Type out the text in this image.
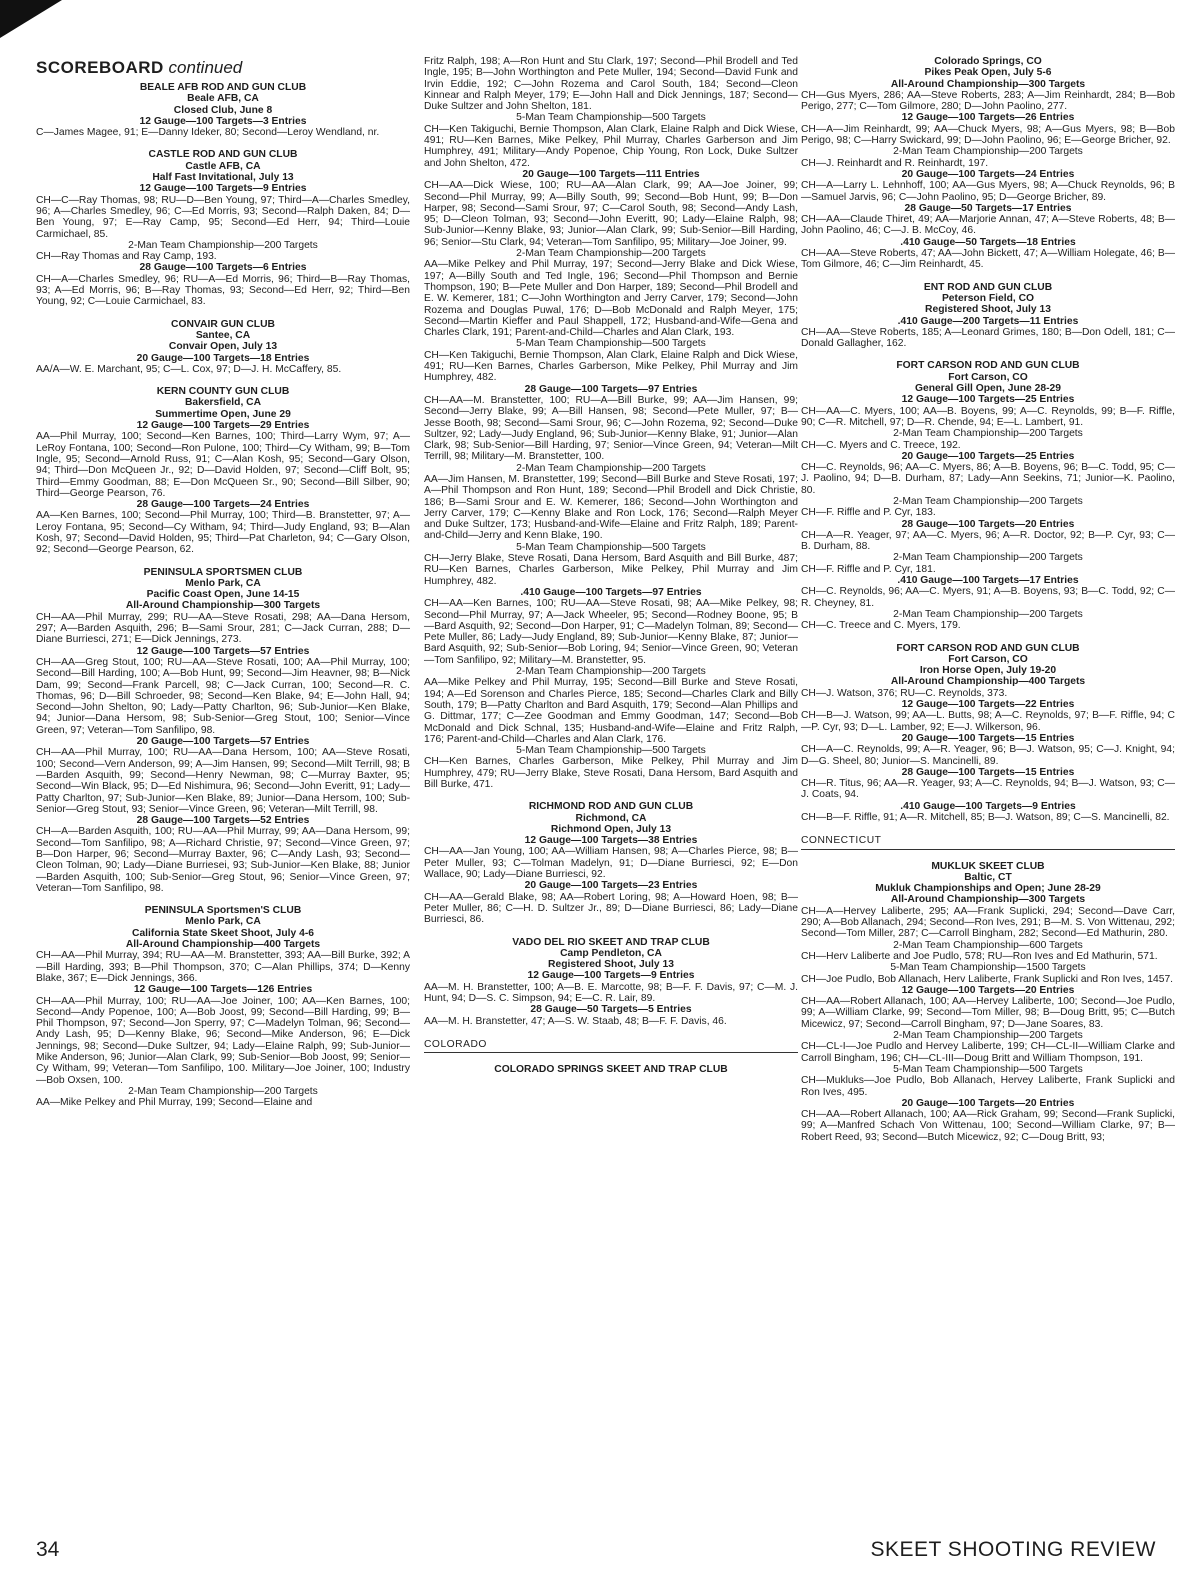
SCOREBOARD continued
BEALE AFB ROD AND GUN CLUB
Beale AFB, CA
Closed Club, June 8
12 Gauge—100 Targets—3 Entries

C—James Magee, 91; E—Danny Ideker, 80; Second—Leroy Wendland, nr.

CASTLE ROD AND GUN CLUB
Castle AFB, CA
Half Fast Invitational, July 13
12 Gauge—100 Targets—9 Entries

CH—C—Ray Thomas, 98; RU—D—Ben Young, 97; Third—A—Charles Smedley, 96; A—Charles Smedley, 96; C—Ed Morris, 93; Second—Ralph Daken, 84; D—Ben Young, 97; E—Ray Camp, 95; Second—Ed Herr, 94; Third—Louie Carmichael, 85.

2-Man Team Championship—200 Targets

CH—Ray Thomas and Ray Camp, 193.

28 Gauge—100 Targets—6 Entries

CH—A—Charles Smedley, 96; RU—A—Ed Morris, 96; Third—B—Ray Thomas, 93; A—Ed Morris, 96; B—Ray Thomas, 93; Second—Ed Herr, 92; Third—Ben Young, 92; C—Louie Carmichael, 83.

CONVAIR GUN CLUB
Santee, CA
Convair Open, July 13
20 Gauge—100 Targets—18 Entries

AA/A—W. E. Marchant, 95; C—L. Cox, 97; D—J. H. McCaffery, 85.

KERN COUNTY GUN CLUB
Bakersfield, CA
Summertime Open, June 29
12 Gauge—100 Targets—29 Entries

AA—Phil Murray, 100; Second—Ken Barnes, 100; Third—Larry Wym, 97; A—LeRoy Fontana, 100; Second—Ron Pulone, 100; Third—Cy Witham, 99; B—Tom Ingle, 95; Second—Arnold Russ, 91; C—Alan Kosh, 95; Second—Gary Olson, 94; Third—Don McQueen Jr., 92; D—David Holden, 97; Second—Cliff Bolt, 95; Third—Emmy Goodman, 88; E—Don McQueen Sr., 90; Second—Bill Silber, 90; Third—George Pearson, 76.

28 Gauge—100 Targets—24 Entries

AA—Ken Barnes, 100; Second—Phil Murray, 100; Third—B. Branstetter, 97; A—Leroy Fontana, 95; Second—Cy Witham, 94; Third—Judy England, 93; B—Alan Kosh, 97; Second—David Holden, 95; Third—Pat Charleton, 94; C—Gary Olson, 92; Second—George Pearson, 62.

PENINSULA SPORTSMEN CLUB
Menlo Park, CA
Pacific Coast Open, June 14-15
All-Around Championship—300 Targets

CH—AA—Phil Murray, 299; RU—AA—Steve Rosati, 298; AA—Dana Hersom, 297; A—Barden Asquith, 296; B—Sami Srour, 281; C—Jack Curran, 288; D—Diane Burriesci, 271; E—Dick Jennings, 273.

12 Gauge—100 Targets—57 Entries

CH—AA—Greg Stout, 100; RU—AA—Steve Rosati, 100; AA—Phil Murray, 100; Second—Bill Harding, 100; A—Bob Hunt, 99; Second—Jim Heavner, 98; B—Nick Dam, 99; Second—Frank Parcell, 98; C—Jack Curran, 100; Second—R. C. Thomas, 96; D—Bill Schroeder, 98; Second—Ken Blake, 94; E—John Hall, 94; Second—John Shelton, 90; Lady—Patty Charlton, 96; Sub-Junior—Ken Blake, 94; Junior—Dana Hersom, 98; Sub-Senior—Greg Stout, 100; Senior—Vince Green, 97; Veteran—Tom Sanfilipo, 98.

20 Gauge—100 Targets—57 Entries

CH—AA—Phil Murray, 100; RU—AA—Dana Hersom, 100; AA—Steve Rosati, 100; Second—Vern Anderson, 99; A—Jim Hansen, 99; Second—Milt Terrill, 98; B—Barden Asquith, 99; Second—Henry Newman, 98; C—Murray Baxter, 95; Second—Win Black, 95; D—Ed Nishimura, 96; Second—John Everitt, 91; Lady—Patty Charlton, 97; Sub-Junior—Ken Blake, 89; Junior—Dana Hersom, 100; Sub-Senior—Greg Stout, 93; Senior—Vince Green, 96; Veteran—Milt Terrill, 98.

28 Gauge—100 Targets—52 Entries

CH—A—Barden Asquith, 100; RU—AA—Phil Murray, 99; AA—Dana Hersom, 99; Second—Tom Sanfilipo, 98; A—Richard Christie, 97; Second—Vince Green, 97; B—Don Harper, 96; Second—Murray Baxter, 96; C—Andy Lash, 93; Second—Cleon Tolman, 90; Lady—Diane Burriesei, 93; Sub-Junior—Ken Blake, 88; Junior—Barden Asquith, 100; Sub-Senior—Greg Stout, 96; Senior—Vince Green, 97; Veteran—Tom Sanfilipo, 98.

PENINSULA Sportsmen'S CLUB
Menlo Park, CA
California State Skeet Shoot, July 4-6
All-Around Championship—400 Targets

CH—AA—Phil Murray, 394; RU—AA—M. Branstetter, 393; AA—Bill Burke, 392; A—Bill Harding, 393; B—Phil Thompson, 370; C—Alan Phillips, 374; D—Kenny Blake, 367; E—Dick Jennings, 366.

12 Gauge—100 Targets—126 Entries

CH—AA—Phil Murray, 100; RU—AA—Joe Joiner, 100; AA—Ken Barnes, 100; Second—Andy Popenoe, 100; A—Bob Joost, 99; Second—Bill Harding, 99; B—Phil Thompson, 97; Second—Jon Sperry, 97; C—Madelyn Tolman, 96; Second—Andy Lash, 95; D—Kenny Blake, 96; Second—Mike Anderson, 96; E—Dick Jennings, 98; Second—Duke Sultzer, 94; Lady—Elaine Ralph, 99; Sub-Junior—Mike Anderson, 96; Junior—Alan Clark, 99; Sub-Senior—Bob Joost, 99; Senior—Cy Witham, 99; Veteran—Tom Sanfilipo, 100. Military—Joe Joiner, 100; Industry—Bob Oxsen, 100.

2-Man Team Championship—200 Targets

AA—Mike Pelkey and Phil Murray, 199; Second—Elaine and

Fritz Ralph, 198; A—Ron Hunt and Stu Clark, 197; Second—Phil Brodell and Ted Ingle, 195; B—John Worthington and Pete Muller, 194; Second—David Funk and Irvin Eddie, 192; C—John Rozema and Carol South, 184; Second—Cleon Kinnear and Ralph Meyer, 179; E—John Hall and Dick Jennings, 187; Second—Duke Sultzer and John Shelton, 181.

5-Man Team Championship—500 Targets

CH—Ken Takiguchi, Bernie Thompson, Alan Clark, Elaine Ralph and Dick Wiese, 491; RU—Ken Barnes, Mike Pelkey, Phil Murray, Charles Garberson and Jim Humphrey, 491; Military—Andy Popenoe, Chip Young, Ron Lock, Duke Sultzer and John Shelton, 472.

20 Gauge—100 Targets—111 Entries

CH—AA—Dick Wiese, 100; RU—AA—Alan Clark, 99; AA—Joe Joiner, 99; Second—Phil Murray, 99; A—Billy South, 99; Second—Bob Hunt, 99; B—Don Harper, 98; Second—Sami Srour, 97; C—Carol South, 98; Second—Andy Lash, 95; D—Cleon Tolman, 93; Second—John Everitt, 90; Lady—Elaine Ralph, 98; Sub-Junior—Kenny Blake, 93; Junior—Alan Clark, 99; Sub-Senior—Bill Harding, 96; Senior—Stu Clark, 94; Veteran—Tom Sanfilipo, 95; Military—Joe Joiner, 99.

2-Man Team Championship—200 Targets

AA—Mike Pelkey and Phil Murray, 197; Second—Jerry Blake and Dick Wiese, 197; A—Billy South and Ted Ingle, 196; Second—Phil Thompson and Bernie Thompson, 190; B—Pete Muller and Don Harper, 189; Second—Phil Brodell and E. W. Kemerer, 181; C—John Worthington and Jerry Carver, 179; Second—John Rozema and Douglas Puwal, 176; D—Bob McDonald and Ralph Meyer, 175; Second—Martin Kieffer and Paul Shappell, 172; Husband-and-Wife—Gena and Charles Clark, 191; Parent-and-Child—Charles and Alan Clark, 193.

5-Man Team Championship—500 Targets

CH—Ken Takiguchi, Bernie Thompson, Alan Clark, Elaine Ralph and Dick Wiese, 491; RU—Ken Barnes, Charles Garberson, Mike Pelkey, Phil Murray and Jim Humphrey, 482.

28 Gauge—100 Targets—97 Entries

CH—AA—M. Branstetter, 100; RU—A—Bill Burke, 99; AA—Jim Hansen, 99; Second—Jerry Blake, 99; A—Bill Hansen, 98; Second—Pete Muller, 97; B—Jesse Booth, 98; Second—Sami Srour, 96; C—John Rozema, 92; Second—Duke Sultzer, 92; Lady—Judy England, 96; Sub-Junior—Kenny Blake, 91; Junior—Alan Clark, 98; Sub-Senior—Bill Harding, 97; Senior—Vince Green, 94; Veteran—Milt Terrill, 98; Military—M. Branstetter, 100.

2-Man Team Championship—200 Targets

AA—Jim Hansen, M. Branstetter, 199; Second—Bill Burke and Steve Rosati, 197; A—Phil Thompson and Ron Hunt, 189; Second—Phil Brodell and Dick Christie, 186; B—Sami Srour and E. W. Kemerer, 186; Second—John Worthington and Jerry Carver, 179; C—Kenny Blake and Ron Lock, 176; Second—Ralph Meyer and Duke Sultzer, 173; Husband-and-Wife—Elaine and Fritz Ralph, 189; Parent-and-Child—Jerry and Kenn Blake, 190.

5-Man Team Championship—500 Targets

CH—Jerry Blake, Steve Rosati, Dana Hersom, Bard Asquith and Bill Burke, 487; RU—Ken Barnes, Charles Garberson, Mike Pelkey, Phil Murray and Jim Humphrey, 482.

.410 Gauge—100 Targets—97 Entries

CH—AA—Ken Barnes, 100; RU—AA—Steve Rosati, 98; AA—Mike Pelkey, 98; Second—Phil Murray, 97; A—Jack Wheeler, 95; Second—Rodney Boone, 95; B—Bard Asquith, 92; Second—Don Harper, 91; C—Madelyn Tolman, 89; Second—Pete Muller, 86; Lady—Judy England, 89; Sub-Junior—Kenny Blake, 87; Junior—Bard Asquith, 92; Sub-Senior—Bob Loring, 94; Senior—Vince Green, 90; Veteran—Tom Sanfilipo, 92; Military—M. Branstetter, 95.

2-Man Team Championship—200 Targets

AA—Mike Pelkey and Phil Murray, 195; Second—Bill Burke and Steve Rosati, 194; A—Ed Sorenson and Charles Pierce, 185; Second—Charles Clark and Billy South, 179; B—Patty Charlton and Bard Asquith, 179; Second—Alan Phillips and G. Dittmar, 177; C—Zee Goodman and Emmy Goodman, 147; Second—Bob McDonald and Dick Schnal, 135; Husband-and-Wife—Elaine and Fritz Ralph, 176; Parent-and-Child—Charles and Alan Clark, 176.

5-Man Team Championship—500 Targets

CH—Ken Barnes, Charles Garberson, Mike Pelkey, Phil Murray and Jim Humphrey, 479; RU—Jerry Blake, Steve Rosati, Dana Hersom, Bard Asquith and Bill Burke, 471.

RICHMOND ROD AND GUN CLUB
Richmond, CA
Richmond Open, July 13
12 Gauge—100 Targets—38 Entries

CH—AA—Jan Young, 100; AA—William Hansen, 98; A—Charles Pierce, 98; B—Peter Muller, 93; C—Tolman Madelyn, 91; D—Diane Burriesci, 92; E—Don Wallace, 90; Lady—Diane Burriesci, 92.

20 Gauge—100 Targets—23 Entries

CH—AA—Gerald Blake, 98; AA—Robert Loring, 98; A—Howard Hoen, 98; B—Peter Muller, 86; C—H. D. Sultzer Jr., 89; D—Diane Burriesci, 86; Lady—Diane Burriesci, 86.

VADO DEL RIO SKEET AND TRAP CLUB
Camp Pendleton, CA
Registered Shoot, July 13
12 Gauge—100 Targets—9 Entries

AA—M. H. Branstetter, 100; A—B. E. Marcotte, 98; B—F. F. Davis, 97; C—M. J. Hunt, 94; D—S. C. Simpson, 94; E—C. R. Lair, 89.

28 Gauge—50 Targets—5 Entries

AA—M. H. Branstetter, 47; A—S. W. Staab, 48; B—F. F. Davis, 46.

COLORADO
COLORADO SPRINGS SKEET AND TRAP CLUB
Colorado Springs, CO
Pikes Peak Open, July 5-6
All-Around Championship—300 Targets

CH—Gus Myers, 286; AA—Steve Roberts, 283; A—Jim Reinhardt, 284; B—Bob Perigo, 277; C—Tom Gilmore, 280; D—John Paolino, 277.

12 Gauge—100 Targets—26 Entries

CH—A—Jim Reinhardt, 99; AA—Chuck Myers, 98; A—Gus Myers, 98; B—Bob Perigo, 98; C—Harry Swickard, 99; D—John Paolino, 96; E—George Bricher, 92.

2-Man Team Championship—200 Targets

CH—J. Reinhardt and R. Reinhardt, 197.

20 Gauge—100 Targets—24 Entries

CH—A—Larry L. Lehnhoff, 100; AA—Gus Myers, 98; A—Chuck Reynolds, 96; B—Samuel Jarvis, 96; C—John Paolino, 95; D—George Bricher, 89.

28 Gauge—50 Targets—17 Entries

CH—AA—Claude Thiret, 49; AA—Marjorie Annan, 47; A—Steve Roberts, 48; B—John Paolino, 46; C—J. B. McCoy, 46.

.410 Gauge—50 Targets—18 Entries

CH—AA—Steve Roberts, 47; AA—John Bickett, 47; A—William Holegate, 46; B—Tom Gilmore, 46; C—Jim Reinhardt, 45.

ENT ROD AND GUN CLUB
Peterson Field, CO
Registered Shoot, July 13
.410 Gauge—200 Targets—11 Entries

CH—AA—Steve Roberts, 185; A—Leonard Grimes, 180; B—Don Odell, 181; C—Donald Gallagher, 162.

FORT CARSON ROD AND GUN CLUB
Fort Carson, CO
General Gill Open, June 28-29
12 Gauge—100 Targets—25 Entries

CH—AA—C. Myers, 100; AA—B. Boyens, 99; A—C. Reynolds, 99; B—F. Riffle, 90; C—R. Mitchell, 97; D—R. Chende, 94; E—L. Lambert, 91.

2-Man Team Championship—200 Targets

CH—C. Myers and C. Treece, 192.

20 Gauge—100 Targets—25 Entries

CH—C. Reynolds, 96; AA—C. Myers, 86; A—B. Boyens, 96; B—C. Todd, 95; C—J. Paolino, 94; D—B. Durham, 87; Lady—Ann Seekins, 71; Junior—K. Paolino, 80.

2-Man Team Championship—200 Targets

CH—F. Riffle and P. Cyr, 183.

28 Gauge—100 Targets—20 Entries

CH—A—R. Yeager, 97; AA—C. Myers, 96; A—R. Doctor, 92; B—P. Cyr, 93; C—B. Durham, 88.

2-Man Team Championship—200 Targets

CH—F. Riffle and P. Cyr, 181.

.410 Gauge—100 Targets—17 Entries

CH—C. Reynolds, 96; AA—C. Myers, 91; A—B. Boyens, 93; B—C. Todd, 92; C—R. Cheyney, 81.

2-Man Team Championship—200 Targets

CH—C. Treece and C. Myers, 179.

FORT CARSON ROD AND GUN CLUB
Fort Carson, CO
Iron Horse Open, July 19-20
All-Around Championship—400 Targets

CH—J. Watson, 376; RU—C. Reynolds, 373.

12 Gauge—100 Targets—22 Entries

CH—B—J. Watson, 99; AA—L. Butts, 98; A—C. Reynolds, 97; B—F. Riffle, 94; C—P. Cyr, 93; D—L. Lamber, 92; E—J. Wilkerson, 96.

20 Gauge—100 Targets—15 Entries

CH—A—C. Reynolds, 99; A—R. Yeager, 96; B—J. Watson, 95; C—J. Knight, 94; D—G. Sheel, 80; Junior—S. Mancinelli, 89.

28 Gauge—100 Targets—15 Entries

CH—R. Titus, 96; AA—R. Yeager, 93; A—C. Reynolds, 94; B—J. Watson, 93; C—J. Coats, 94.

.410 Gauge—100 Targets—9 Entries

CH—B—F. Riffle, 91; A—R. Mitchell, 85; B—J. Watson, 89; C—S. Mancinelli, 82.

CONNECTICUT
MUKLUK SKEET CLUB
Baltic, CT
Mukluk Championships and Open; June 28-29
All-Around Championship—300 Targets

CH—A—Hervey Laliberte, 295; AA—Frank Suplicki, 294; Second—Dave Carr, 290; A—Bob Allanach, 294; Second—Ron Ives, 291; B—M. S. Von Wittenau, 292; Second—Tom Miller, 287; C—Carroll Bingham, 282; Second—Ed Mathurin, 280.

2-Man Team Championship—600 Targets

CH—Herv Laliberte and Joe Pudlo, 578; RU—Ron Ives and Ed Mathurin, 571.

5-Man Team Championship—1500 Targets

CH—Joe Pudlo, Bob Allanach, Herv Laliberte, Frank Suplicki and Ron Ives, 1457.

12 Gauge—100 Targets—20 Entries

CH—AA—Robert Allanach, 100; AA—Hervey Laliberte, 100; Second—Joe Pudlo, 99; A—William Clarke, 99; Second—Tom Miller, 98; B—Doug Britt, 95; C—Butch Micewicz, 97; Second—Carroll Bingham, 97; D—Jane Soares, 83.

2-Man Team Championship—200 Targets

CH—CL-I—Joe Pudlo and Hervey Laliberte, 199; CH—CL-II—William Clarke and Carroll Bingham, 196; CH—CL-III—Doug Britt and William Thompson, 191.

5-Man Team Championship—500 Targets

CH—Mukluks—Joe Pudlo, Bob Allanach, Hervey Laliberte, Frank Suplicki and Ron Ives, 495.

20 Gauge—100 Targets—20 Entries

CH—AA—Robert Allanach, 100; AA—Rick Graham, 99; Second—Frank Suplicki, 99; A—Manfred Schach Von Wittenau, 100; Second—William Clarke, 97; B—Robert Reed, 93; Second—Butch Micewicz, 92; C—Doug Britt, 93;

34	SKEET SHOOTING REVIEW
